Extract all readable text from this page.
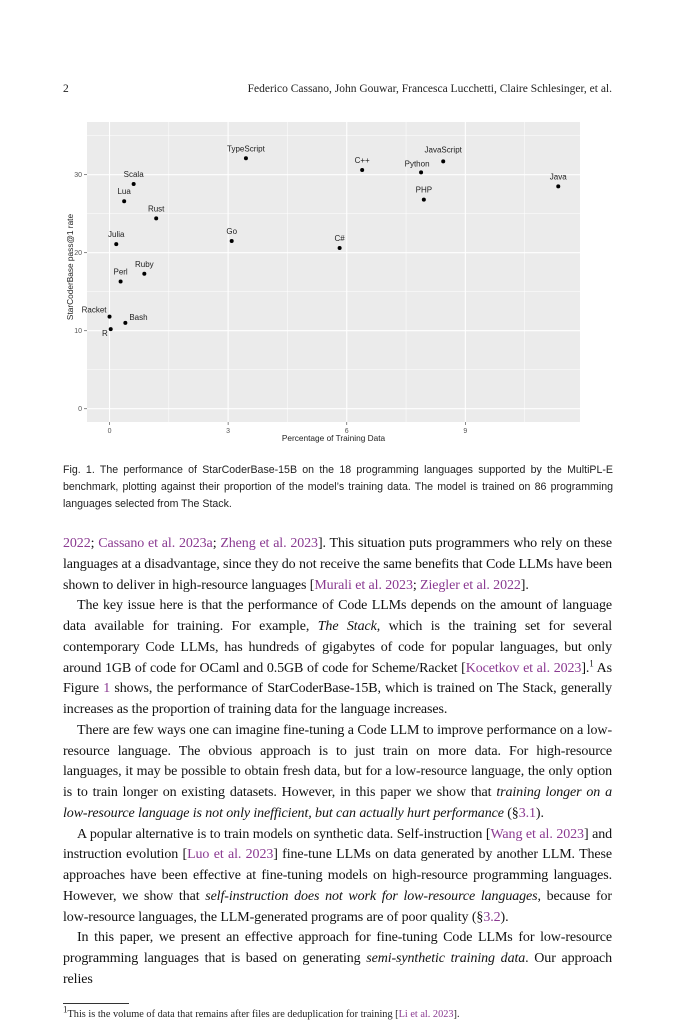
2	Federico Cassano, John Gouwar, Francesca Lucchetti, Claire Schlesinger, et al.
0	3	6	9
0
10
20
30
Percentage of Training Data
StarCoderBase pass@1 rate
TypeScript
C++	Python
JavaScript
Java
PHP
Scala
Lua
Rust
Julia	Go
C#
Ruby
Perl
Racket
Bash
R
Fig. 1. The performance of StarCoderBase-15B on the 18 programming languages supported by the MultiPL-E benchmark, plotting against their proportion of the model’s training data. The model is trained on 86 programming languages selected from The Stack.

2022; Cassano et al. 2023a; Zheng et al. 2023]. This situation puts programmers who rely on these languages at a disadvantage, since they do not receive the same benefits that Code LLMs have been shown to deliver in high-resource languages [Murali et al. 2023; Ziegler et al. 2022].

The key issue here is that the performance of Code LLMs depends on the amount of language data available for training. For example, The Stack, which is the training set for several contemporary Code LLMs, has hundreds of gigabytes of code for popular languages, but only around 1GB of code for OCaml and 0.5GB of code for Scheme/Racket [Kocetkov et al. 2023].$^1$ As Figure 1 shows, the performance of StarCoderBase-15B, which is trained on The Stack, generally increases as the proportion of training data for the language increases.

There are few ways one can imagine fine-tuning a Code LLM to improve performance on a low-resource language. The obvious approach is to just train on more data. For high-resource languages, it may be possible to obtain fresh data, but for a low-resource language, the only option is to train longer on existing datasets. However, in this paper we show that training longer on a low-resource language is not only inefficient, but can actually hurt performance (§3.1).

A popular alternative is to train models on synthetic data. Self-instruction [Wang et al. 2023] and instruction evolution [Luo et al. 2023] fine-tune LLMs on data generated by another LLM. These approaches have been effective at fine-tuning models on high-resource programming languages. However, we show that self-instruction does not work for low-resource languages, because for low-resource languages, the LLM-generated programs are of poor quality (§3.2).

In this paper, we present an effective approach for fine-tuning Code LLMs for low-resource programming languages that is based on generating semi-synthetic training data. Our approach relies

1This is the volume of data that remains after files are deduplication for training [Li et al. 2023].
